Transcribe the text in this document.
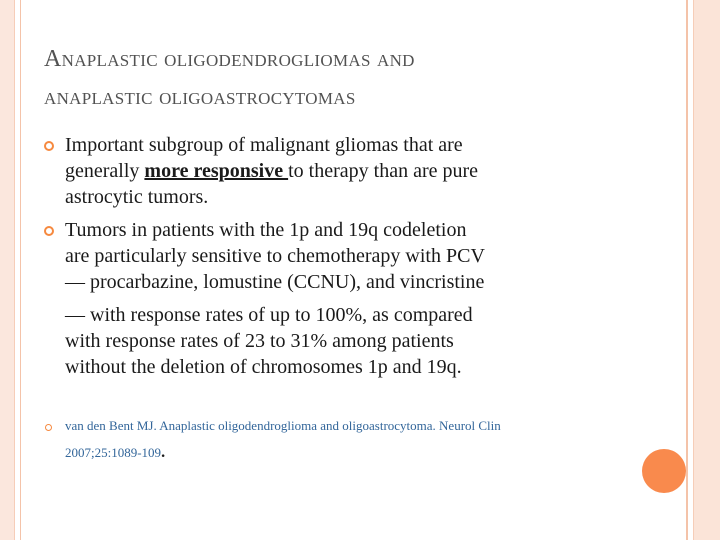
Anaplastic oligodendrogliomas and
anaplastic oligoastrocytomas
Important subgroup of malignant gliomas that are
generally more responsive to therapy than are pure
astrocytic tumors.
Tumors in patients with the 1p and 19q codeletion
are particularly sensitive to chemotherapy with PCV
— procarbazine, lomustine (CCNU), and vincristine
— with response rates of up to 100%, as compared
with response rates of 23 to 31% among patients
without the deletion of chromosomes 1p and 19q.
van den Bent MJ. Anaplastic oligodendroglioma and oligoastrocytoma. Neurol Clin
2007;25:1089-109.
